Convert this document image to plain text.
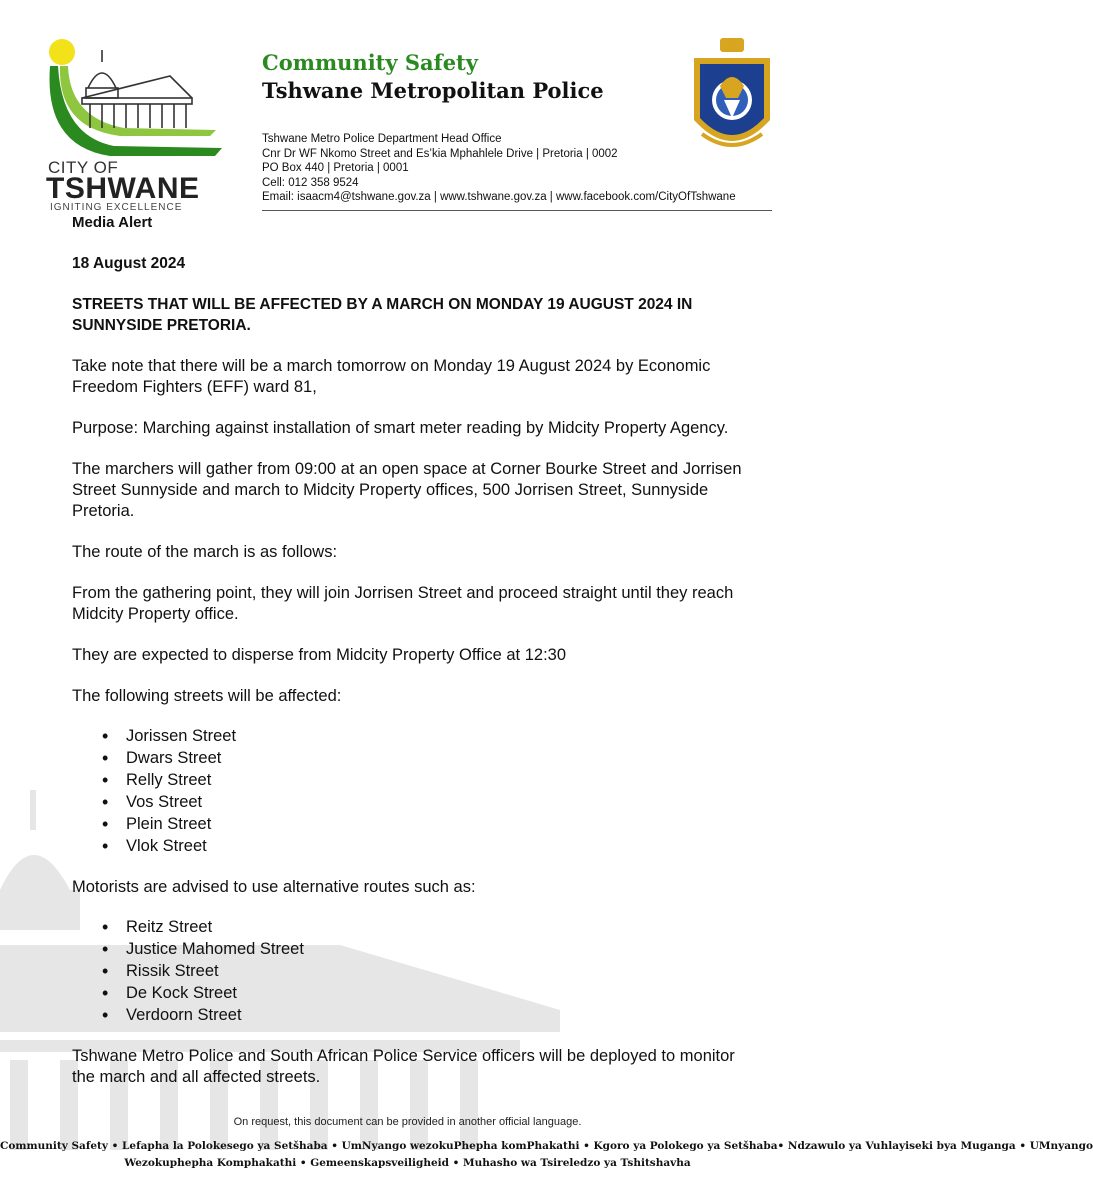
CITY OF
TSHWANE
IGNITING EXCELLENCE
Community Safety
Tshwane Metropolitan Police
Tshwane Metro Police Department Head Office
Cnr Dr WF Nkomo Street and Es’kia Mphahlele Drive | Pretoria | 0002
PO Box 440 | Pretoria | 0001
Cell: 012 358 9524
Email: isaacm4@tshwane.gov.za | www.tshwane.gov.za | www.facebook.com/CityOfTshwane
Media Alert
18 August 2024
STREETS THAT WILL BE AFFECTED BY A MARCH ON MONDAY 19 AUGUST 2024 IN SUNNYSIDE PRETORIA.

Take note that there will be a march tomorrow on Monday 19 August 2024 by Economic Freedom Fighters (EFF) ward 81,

Purpose: Marching against installation of smart meter reading by Midcity Property Agency.

The marchers will gather from 09:00 at an open space at Corner Bourke Street and Jorrisen Street Sunnyside and march to Midcity Property offices, 500 Jorrisen Street, Sunnyside Pretoria.

The route of the march is as follows:

From the gathering point, they will join Jorrisen Street and proceed straight until they reach Midcity Property office.

They are expected to disperse from Midcity Property Office at 12:30

The following streets will be affected:

• Jorissen Street
• Dwars Street
• Relly Street
• Vos Street
• Plein Street
• Vlok Street

Motorists are advised to use alternative routes such as:

• Reitz Street
• Justice Mahomed Street
• Rissik Street
• De Kock Street
• Verdoorn Street

Tshwane Metro Police and South African Police Service officers will be deployed to monitor the march and all affected streets.

On request, this document can be provided in another official language.
Community Safety • Lefapha la Polokesego ya Setšhaba • UmNyango wezokuPhepha komPhakathi • Kgoro ya Polokego ya Setšhaba• Ndzawulo ya Vuhlayiseki bya Muganga • UMnyango
Wezokuphepha Komphakathi • Gemeenskapsveiligheid • Muhasho wa Tsireledzo ya Tshitshavha
